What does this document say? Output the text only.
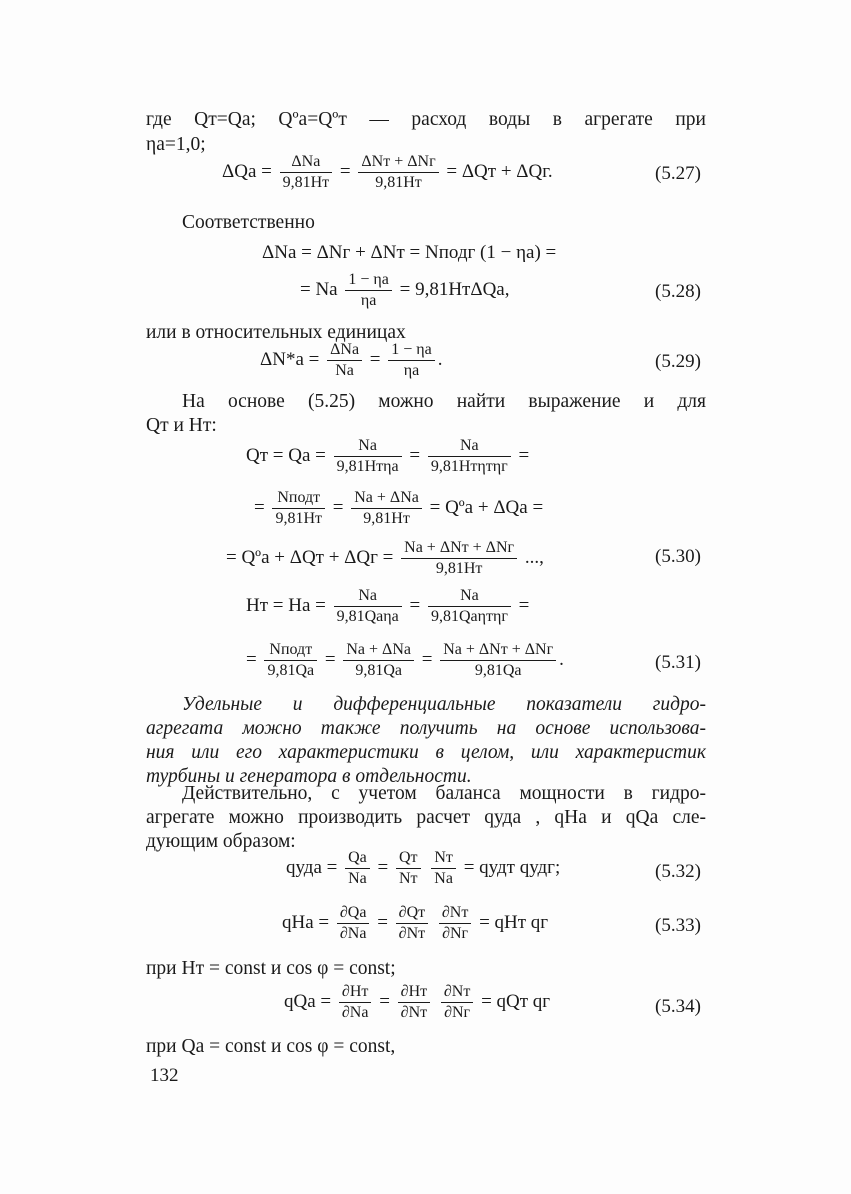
где Qт=Qа; Qºа=Qºт — расход воды в агрегате при
ηа=1,0;
$\Delta Qа = \frac{\text{ΔNа}}{9,81Hт} = \frac{\text{ΔNт + ΔNг}}{9,81Hт} = \Delta Qт + \Delta Qг$.	(5.27)
Соответственно
ΔNа = ΔNг + ΔNт = Nподг (1 − ηа) =
= Nа $\frac{1 - \eta а}{\eta а} = 9,81Hт\Delta Qа$,	(5.28)
или в относительных единицах
$\Delta N*а = \frac{\text{ΔNа}}{Nа} = \frac{1 - \eta а}{\eta а}$ .	(5.29)
На основе (5.25) можно найти выражение и для
Qт и Hт:
Qт = Qа = $\frac{Nа}{\text{9,81Hтηа}} = \frac{Nа}{\text{9,81Hтηтηг}}$ =
= $\frac{\text{Nподт}}{9,81Hт} = \frac{\text{Nа + ΔNа}}{9,81Hт}$ = Qºа + ΔQа =
= Qºа + $\Delta Qт + \Delta Qг = \frac{\text{Nа + ΔNт + ΔNг}}{9,81Hт}$ ...,	(5.30)
Hт = Hа = $\frac{Nа}{\text{9,81Qаηа}} = \frac{Nа}{\text{9,81Qаηтηг}}$ =
= $\frac{\text{Nподт}}{9,81Qа} = \frac{\text{Nа + ΔNа}}{9,81Qа} = \frac{\text{Nа + ΔNт + ΔNг}}{9,81Qа}$ .	(5.31)
Удельные и дифференциальные показатели гидро-
агрегата можно также получить на основе использова-
ния или его характеристики в целом, или характеристик
турбины и генератора в отдельности.
Действительно, с учетом баланса мощности в гидро-
агрегате можно производить расчет qудa , qНа и qQа сле-
дующим образом:
qуда = $\frac{Qа}{Nа} = \frac{Qт}{Nт}$
$\frac{Nт}{Nа}$ = qудт qудг;	(5.32)
qНа = $\frac{\partial Qа}{\partial Nа} = \frac{\partial Qт}{\partial Nт}$
$\frac{\partial Nт}{\partial Nг}$ = qНт qг	(5.33)
при Hт = const и cos φ = const;
qQа = $\frac{\partial Hт}{\partial Nа} = \frac{\partial Hт}{\partial Nт}$
$\frac{\partial Nт}{\partial Nг}$ = qQт qг	(5.34)
при Qа = const и cos φ = const,
132
